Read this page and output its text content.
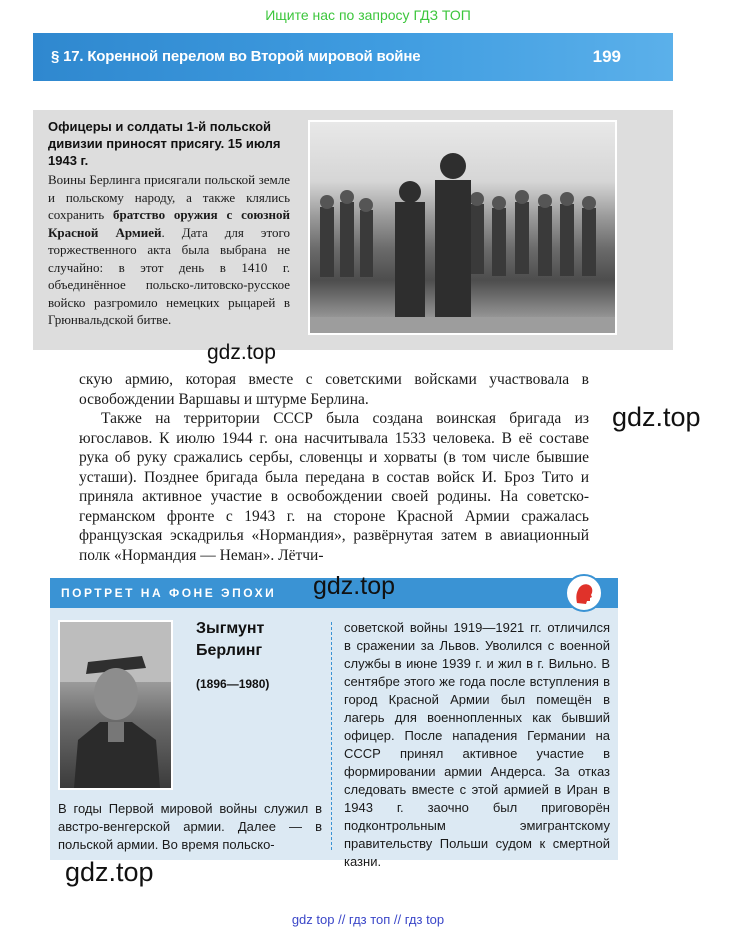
Ищите нас по запросу ГДЗ ТОП
§ 17. Коренной перелом во Второй мировой войне	199
Офицеры и солдаты 1-й польской дивизии приносят присягу. 15 июля 1943 г.
Воины Берлинга присягали польской земле и польскому народу, а также клялись сохранить братство оружия с союзной Красной Армией. Дата для этого торжественного акта была выбрана не случайно: в этот день в 1410 г. объединённое польско-литовско-русское войско разгромило немецких рыцарей в Грюнвальдской битве.
gdz.top
gdz.top

скую армию, которая вместе с советскими войсками участвовала в освобождении Варшавы и штурме Берлина.

Также на территории СССР была создана воинская бригада из югославов. К июлю 1944 г. она насчитывала 1533 человека. В её составе рука об руку сражались сербы, словенцы и хорваты (в том числе бывшие усташи). Позднее бригада была передана в состав войск И. Броз Тито и приняла активное участие в освобождении своей родины. На советско-германском фронте с 1943 г. на стороне Красной Армии сражалась французская эскадрилья «Нормандия», развёрнутая затем в авиационный полк «Нормандия — Неман». Лётчи-

ПОРТРЕТ НА ФОНЕ ЭПОХИ gdz.top
Зыгмунт
Берлинг
(1896—1980)
В годы Первой мировой войны служил в австро-венгерской армии. Далее — в польской армии. Во время польско-
советской войны 1919—1921 гг. отличился в сражении за Львов. Уволился с военной службы в июне 1939 г. и жил в г. Вильно. В сентябре этого же года после вступления в город Красной Армии был помещён в лагерь для военнопленных как бывший офицер. После нападения Германии на СССР принял активное участие в формировании армии Андерса. За отказ следовать вместе с этой армией в Иран в 1943 г. заочно был приговорён подконтрольным эмигрантскому правительству Польши судом к смертной казни.
gdz.top
gdz top // гдз топ // гдз top
